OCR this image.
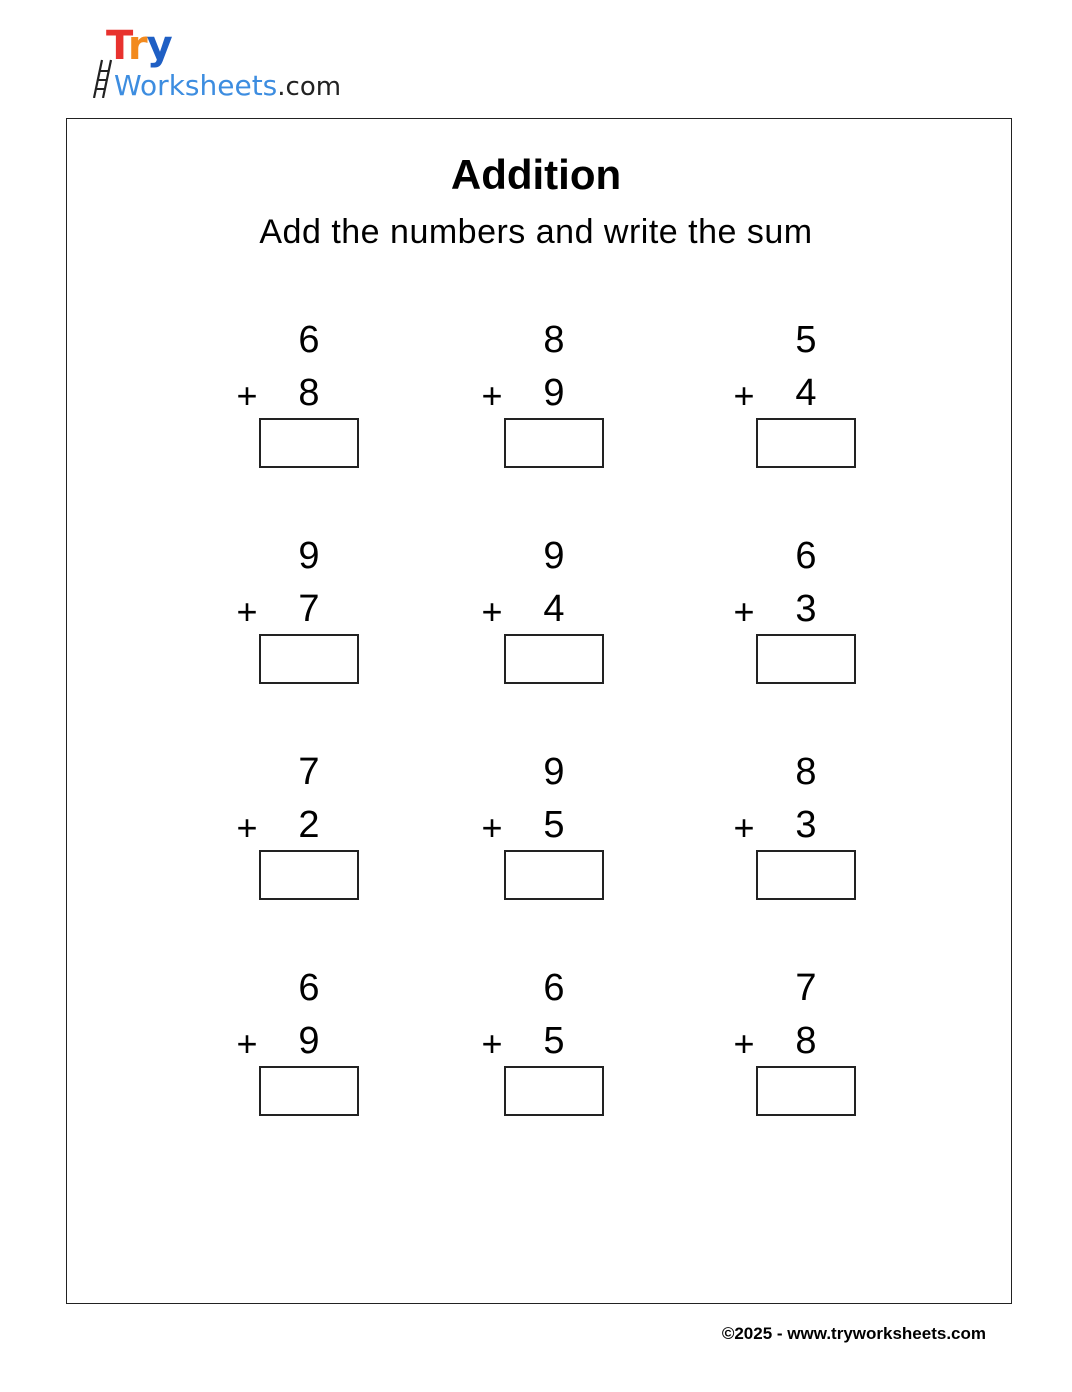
Try
Worksheets.com
Addition
Add the numbers and write the sum
6
+	8
8
+	9
5
+	4
9
+	7
9
+	4
6
+	3
7
+	2
9
+	5
8
+	3
6
+	9
6
+	5
7
+	8
©2025 - www.tryworksheets.com
